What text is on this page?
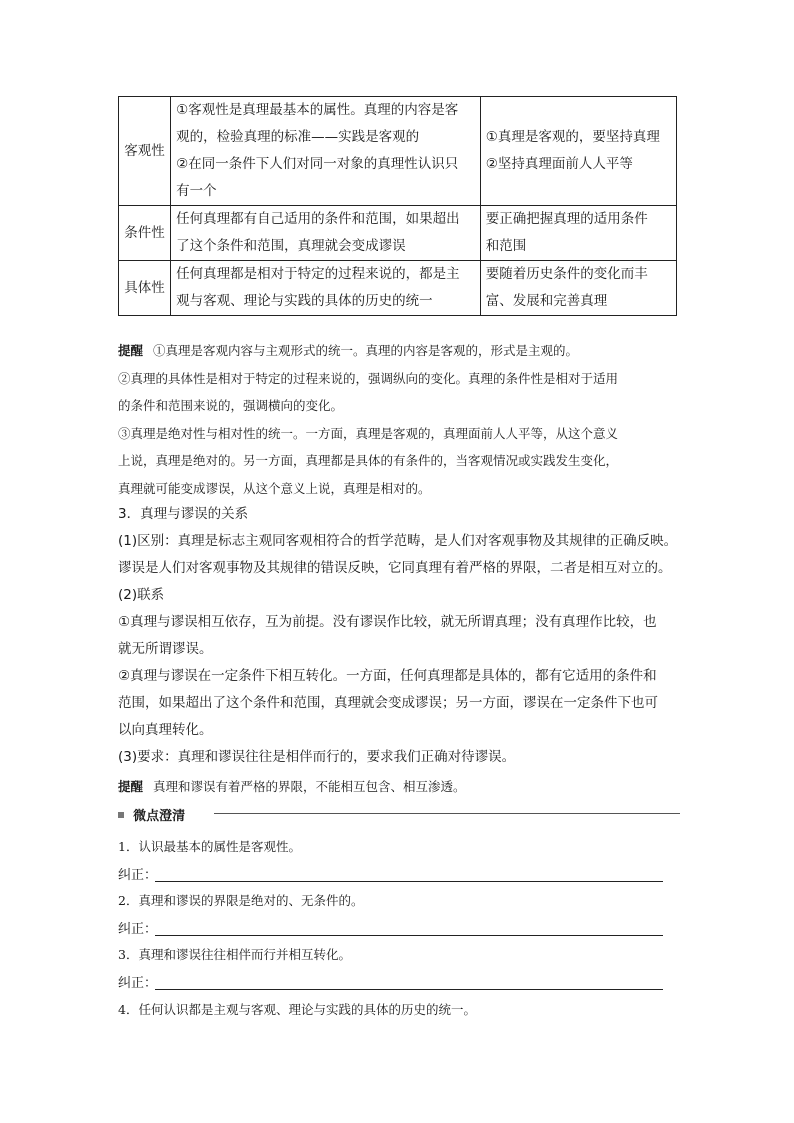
客观性	①客观性是真理最基本的属性。真理的内容是客
观的，检验真理的标准——实践是客观的
②在同一条件下人们对同一对象的真理性认识只
有一个	①真理是客观的，要坚持真理
②坚持真理面前人人平等

条件性	任何真理都有自己适用的条件和范围，如果超出
了这个条件和范围，真理就会变成谬误	要正确把握真理的适用条件
和范围

具体性	任何真理都是相对于特定的过程来说的，都是主
观与客观、理论与实践的具体的历史的统一	要随着历史条件的变化而丰
富、发展和完善真理
提醒 ①真理是客观内容与主观形式的统一。真理的内容是客观的，形式是主观的。
②真理的具体性是相对于特定的过程来说的，强调纵向的变化。真理的条件性是相对于适用
的条件和范围来说的，强调横向的变化。
③真理是绝对性与相对性的统一。一方面，真理是客观的，真理面前人人平等，从这个意义
上说，真理是绝对的。另一方面，真理都是具体的有条件的，当客观情况或实践发生变化，
真理就可能变成谬误，从这个意义上说，真理是相对的。
3．真理与谬误的关系
(1)区别：真理是标志主观同客观相符合的哲学范畴，是人们对客观事物及其规律的正确反映。
谬误是人们对客观事物及其规律的错误反映，它同真理有着严格的界限，二者是相互对立的。
(2)联系
①真理与谬误相互依存，互为前提。没有谬误作比较，就无所谓真理；没有真理作比较，也
就无所谓谬误。
②真理与谬误在一定条件下相互转化。一方面，任何真理都是具体的，都有它适用的条件和
范围，如果超出了这个条件和范围，真理就会变成谬误；另一方面，谬误在一定条件下也可
以向真理转化。
(3)要求：真理和谬误往往是相伴而行的，要求我们正确对待谬误。
提醒 真理和谬误有着严格的界限，不能相互包含、相互渗透。
微点澄清
1．认识最基本的属性是客观性。
纠正：
2．真理和谬误的界限是绝对的、无条件的。
纠正：
3．真理和谬误往往相伴而行并相互转化。
纠正：
4．任何认识都是主观与客观、理论与实践的具体的历史的统一。
